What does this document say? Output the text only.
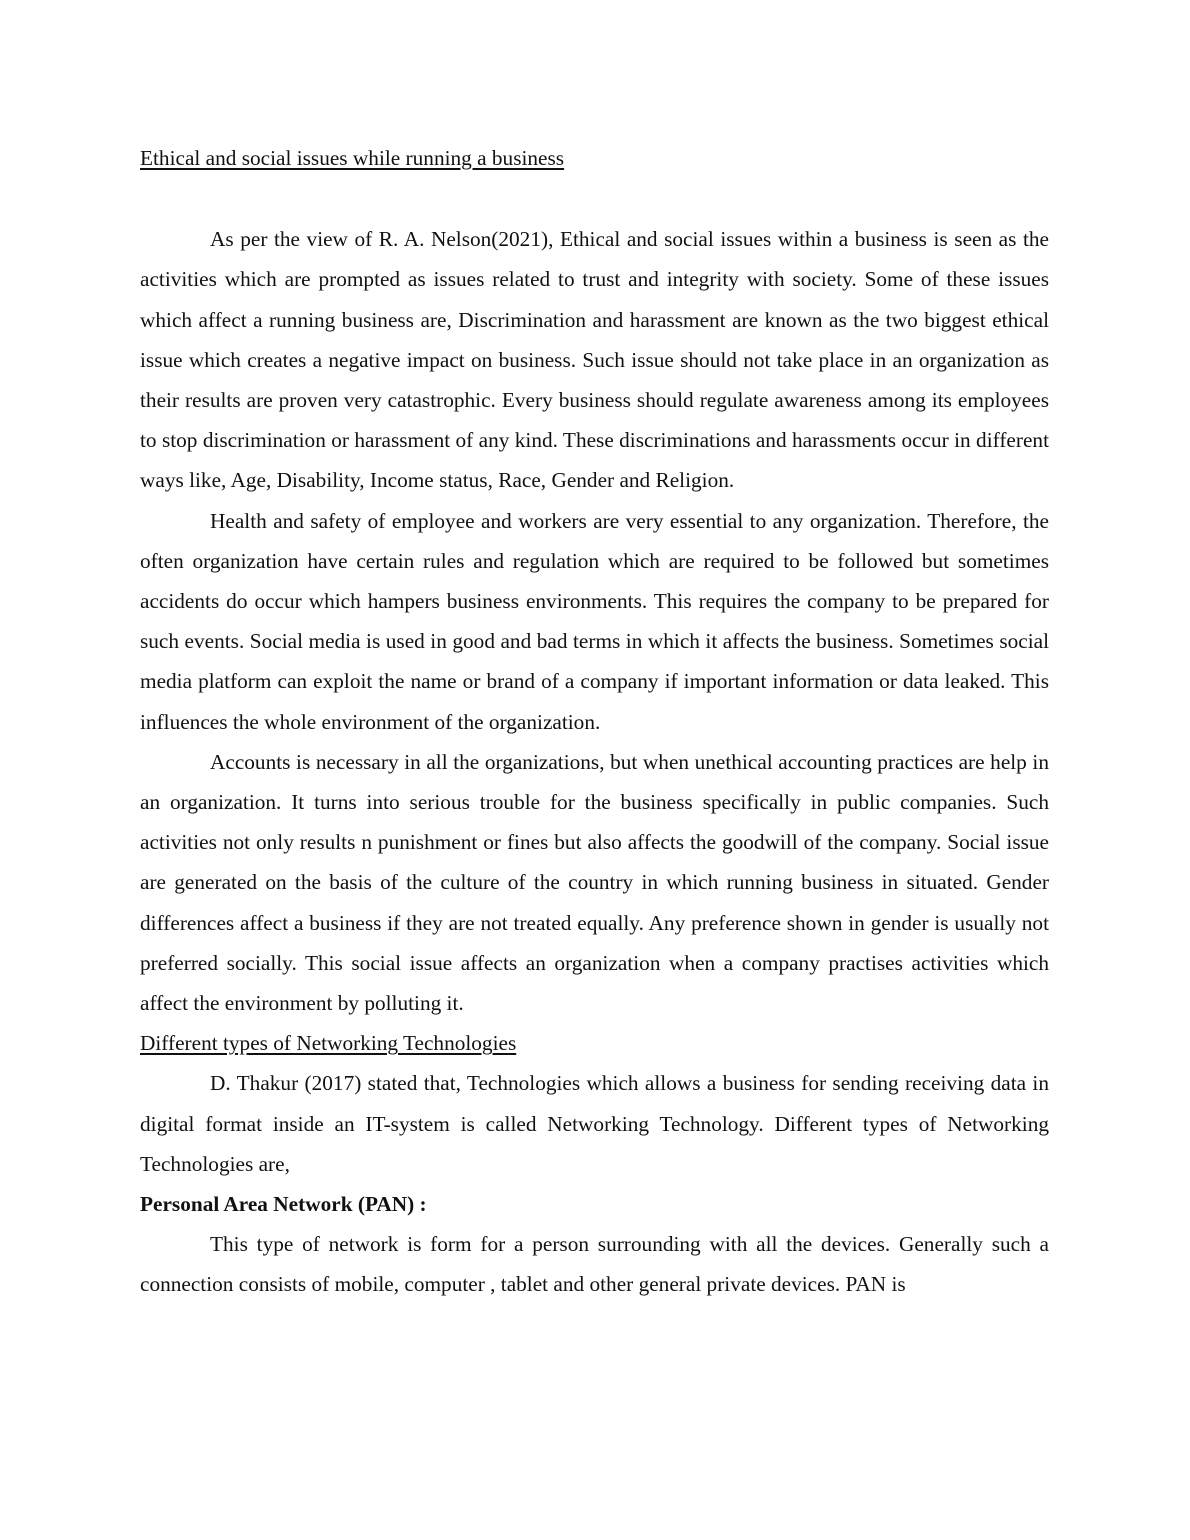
Ethical and social issues while running a business

As per the view of R. A. Nelson(2021), Ethical and social issues within a business is seen as the activities which are prompted as issues related to trust and integrity with society. Some of these issues which affect a running business are, Discrimination and harassment are known as the two biggest ethical issue which creates a negative impact on business. Such issue should not take place in an organization as their results are proven very catastrophic. Every business should regulate awareness among its employees to stop discrimination or harassment of any kind. These discriminations and harassments occur in different ways like, Age, Disability, Income status, Race, Gender and Religion.

Health and safety of employee and workers are very essential to any organization. Therefore, the often organization have certain rules and regulation which are required to be followed but sometimes accidents do occur which hampers business environments. This requires the company to be prepared for such events. Social media is used in good and bad terms in which it affects the business. Sometimes social media platform can exploit the name or brand of a company if important information or data leaked. This influences the whole environment of the organization.

Accounts is necessary in all the organizations, but when unethical accounting practices are help in an organization. It turns into serious trouble for the business specifically in public companies. Such activities not only results n punishment or fines but also affects the goodwill of the company. Social issue are generated on the basis of the culture of the country in which running business in situated. Gender differences affect a business if they are not treated equally. Any preference shown in gender is usually not preferred socially. This social issue affects an organization when a company practises activities which affect the environment by polluting it.

Different types of Networking Technologies

D. Thakur (2017) stated that, Technologies which allows a business for sending receiving data in digital format inside an IT-system is called Networking Technology. Different types of Networking Technologies are,

Personal Area Network (PAN) :

This type of network is form for a person surrounding with all the devices. Generally such a connection consists of mobile, computer , tablet and other general private devices. PAN is
